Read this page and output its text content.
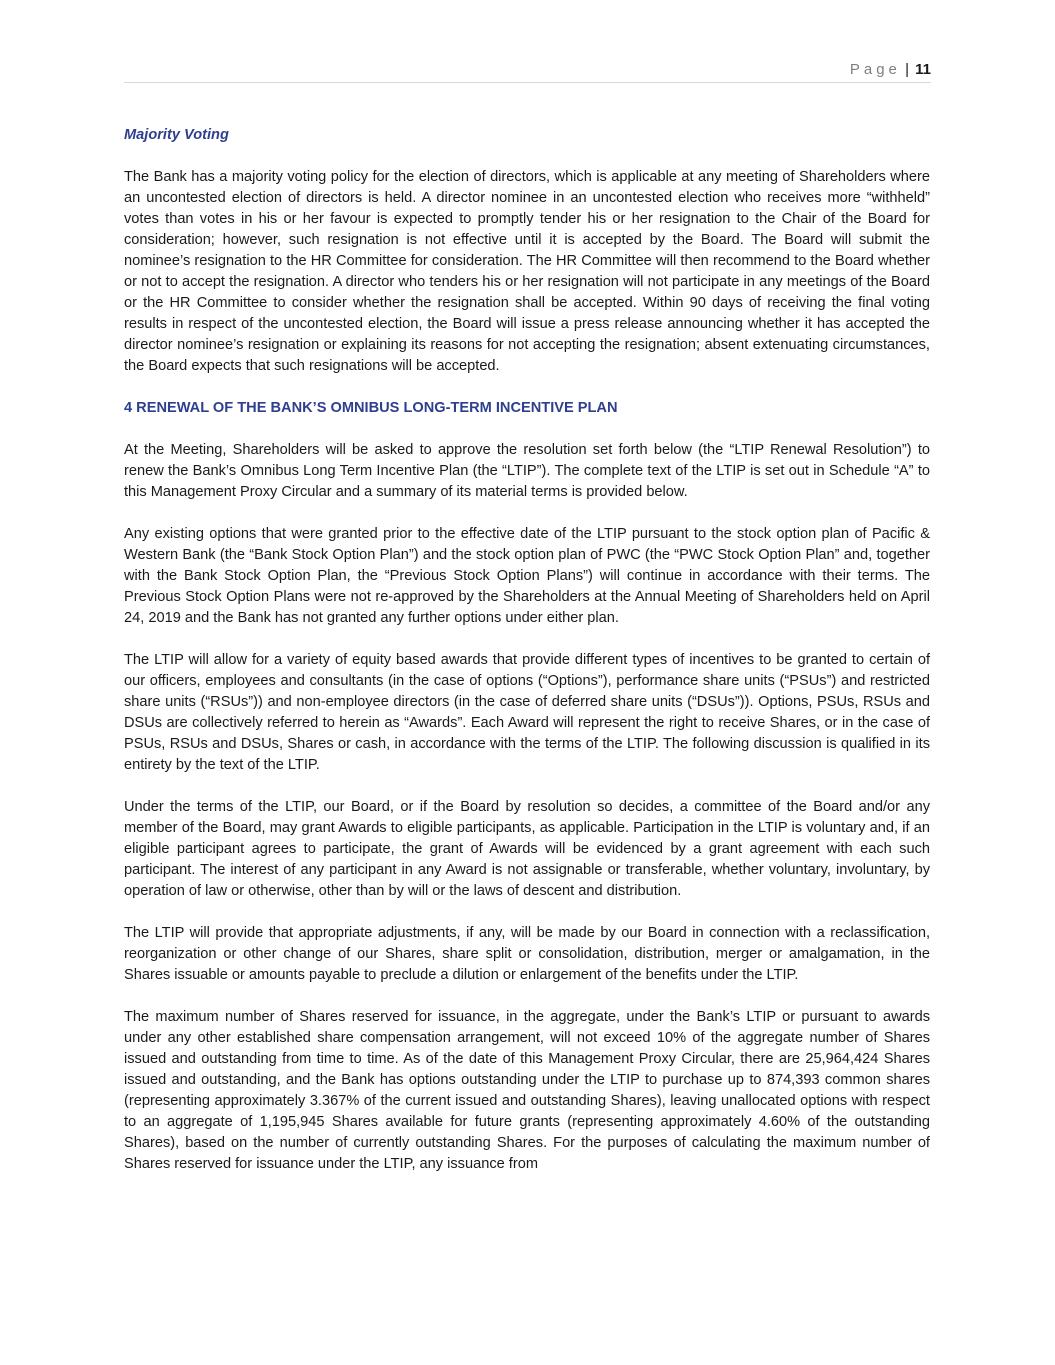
Page | 11
Majority Voting

The Bank has a majority voting policy for the election of directors, which is applicable at any meeting of Shareholders where an uncontested election of directors is held. A director nominee in an uncontested election who receives more “withheld” votes than votes in his or her favour is expected to promptly tender his or her resignation to the Chair of the Board for consideration; however, such resignation is not effective until it is accepted by the Board. The Board will submit the nominee’s resignation to the HR Committee for consideration. The HR Committee will then recommend to the Board whether or not to accept the resignation. A director who tenders his or her resignation will not participate in any meetings of the Board or the HR Committee to consider whether the resignation shall be accepted. Within 90 days of receiving the final voting results in respect of the uncontested election, the Board will issue a press release announcing whether it has accepted the director nominee’s resignation or explaining its reasons for not accepting the resignation; absent extenuating circumstances, the Board expects that such resignations will be accepted.

4 RENEWAL OF THE BANK’S OMNIBUS LONG-TERM INCENTIVE PLAN

At the Meeting, Shareholders will be asked to approve the resolution set forth below (the “LTIP Renewal Resolution”) to renew the Bank’s Omnibus Long Term Incentive Plan (the “LTIP”). The complete text of the LTIP is set out in Schedule “A” to this Management Proxy Circular and a summary of its material terms is provided below.

Any existing options that were granted prior to the effective date of the LTIP pursuant to the stock option plan of Pacific & Western Bank (the “Bank Stock Option Plan”) and the stock option plan of PWC (the “PWC Stock Option Plan” and, together with the Bank Stock Option Plan, the “Previous Stock Option Plans”) will continue in accordance with their terms. The Previous Stock Option Plans were not re-approved by the Shareholders at the Annual Meeting of Shareholders held on April 24, 2019 and the Bank has not granted any further options under either plan.

The LTIP will allow for a variety of equity based awards that provide different types of incentives to be granted to certain of our officers, employees and consultants (in the case of options (“Options”), performance share units (“PSUs”) and restricted share units (“RSUs”)) and non-employee directors (in the case of deferred share units (“DSUs”)). Options, PSUs, RSUs and DSUs are collectively referred to herein as “Awards”. Each Award will represent the right to receive Shares, or in the case of PSUs, RSUs and DSUs, Shares or cash, in accordance with the terms of the LTIP. The following discussion is qualified in its entirety by the text of the LTIP.

Under the terms of the LTIP, our Board, or if the Board by resolution so decides, a committee of the Board and/or any member of the Board, may grant Awards to eligible participants, as applicable. Participation in the LTIP is voluntary and, if an eligible participant agrees to participate, the grant of Awards will be evidenced by a grant agreement with each such participant. The interest of any participant in any Award is not assignable or transferable, whether voluntary, involuntary, by operation of law or otherwise, other than by will or the laws of descent and distribution.

The LTIP will provide that appropriate adjustments, if any, will be made by our Board in connection with a reclassification, reorganization or other change of our Shares, share split or consolidation, distribution, merger or amalgamation, in the Shares issuable or amounts payable to preclude a dilution or enlargement of the benefits under the LTIP.

The maximum number of Shares reserved for issuance, in the aggregate, under the Bank’s LTIP or pursuant to awards under any other established share compensation arrangement, will not exceed 10% of the aggregate number of Shares issued and outstanding from time to time. As of the date of this Management Proxy Circular, there are 25,964,424 Shares issued and outstanding, and the Bank has options outstanding under the LTIP to purchase up to 874,393 common shares (representing approximately 3.367% of the current issued and outstanding Shares), leaving unallocated options with respect to an aggregate of 1,195,945 Shares available for future grants (representing approximately 4.60% of the outstanding Shares), based on the number of currently outstanding Shares. For the purposes of calculating the maximum number of Shares reserved for issuance under the LTIP, any issuance from
